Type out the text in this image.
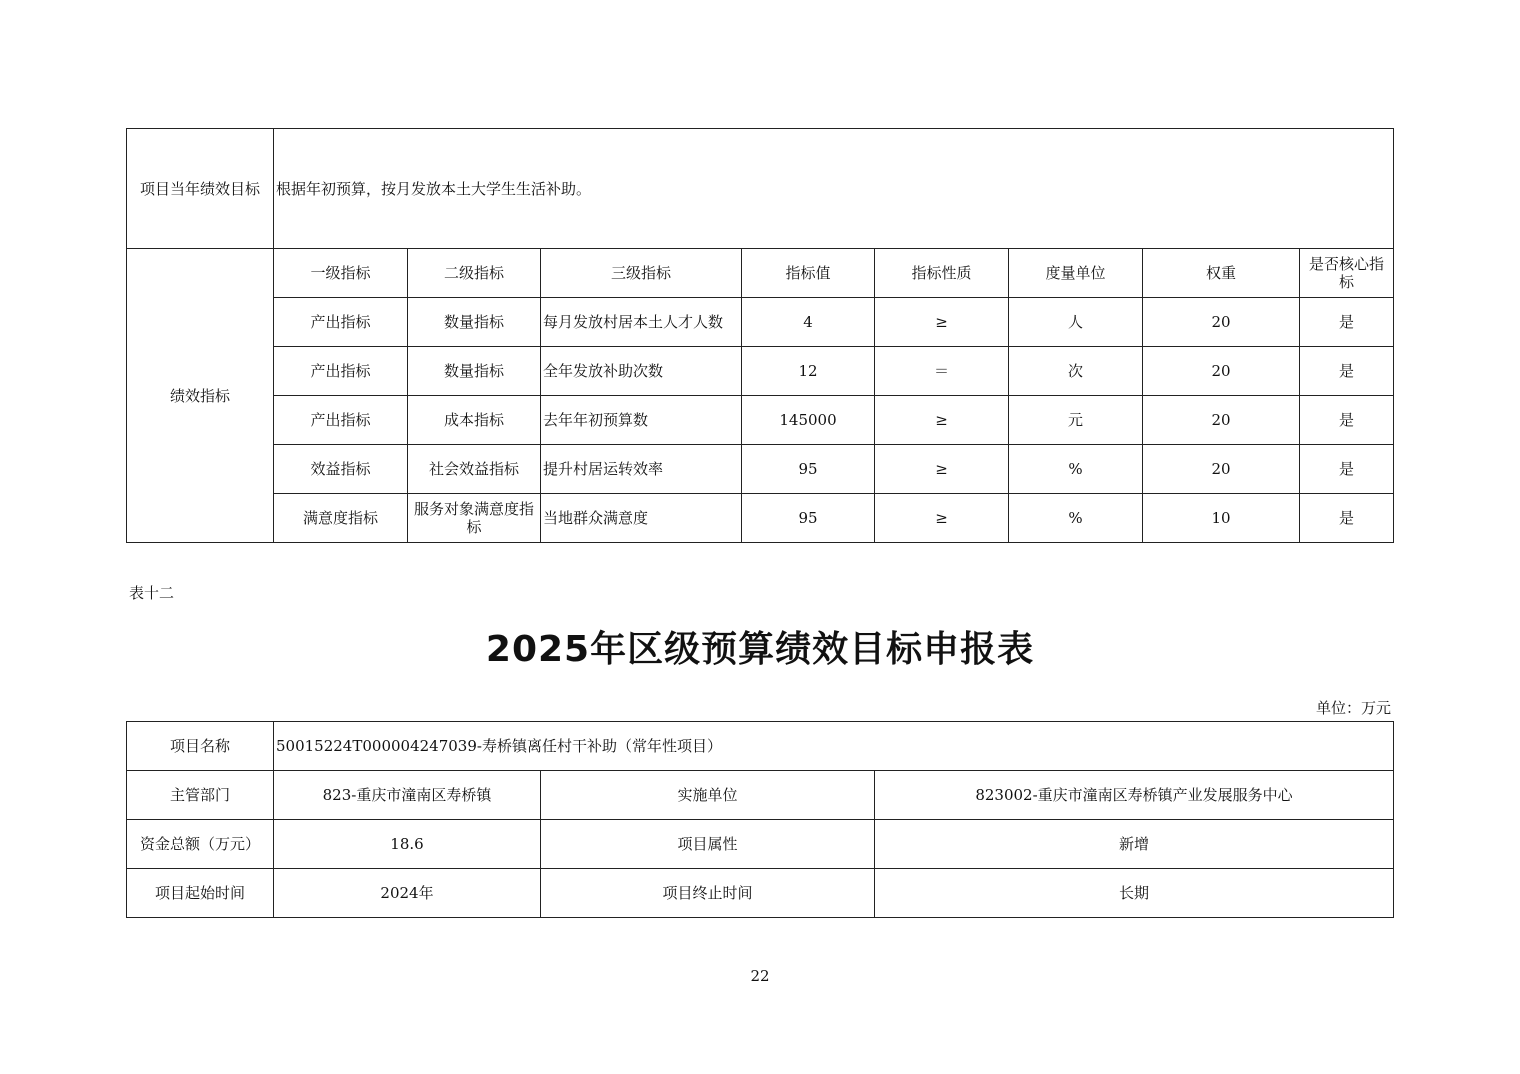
项目当年绩效目标	根据年初预算，按月发放本土大学生生活补助。							
绩效指标	一级指标	二级指标	三级指标	指标值	指标性质	度量单位	权重	是否核心指标
	产出指标	数量指标	每月发放村居本土人才人数	4	≥	人	20	是
	产出指标	数量指标	全年发放补助次数	12	＝	次	20	是
	产出指标	成本指标	去年年初预算数	145000	≥	元	20	是
	效益指标	社会效益指标	提升村居运转效率	95	≥	%	20	是
	满意度指标	服务对象满意度指标	当地群众满意度	95	≥	%	10	是
表十二
2025年区级预算绩效目标申报表
单位：万元
项目名称	50015224T000004247039-寿桥镇离任村干补助（常年性项目）		
主管部门	823-重庆市潼南区寿桥镇	实施单位	823002-重庆市潼南区寿桥镇产业发展服务中心
资金总额（万元）	18.6	项目属性	新增
项目起始时间	2024年	项目终止时间	长期
22
